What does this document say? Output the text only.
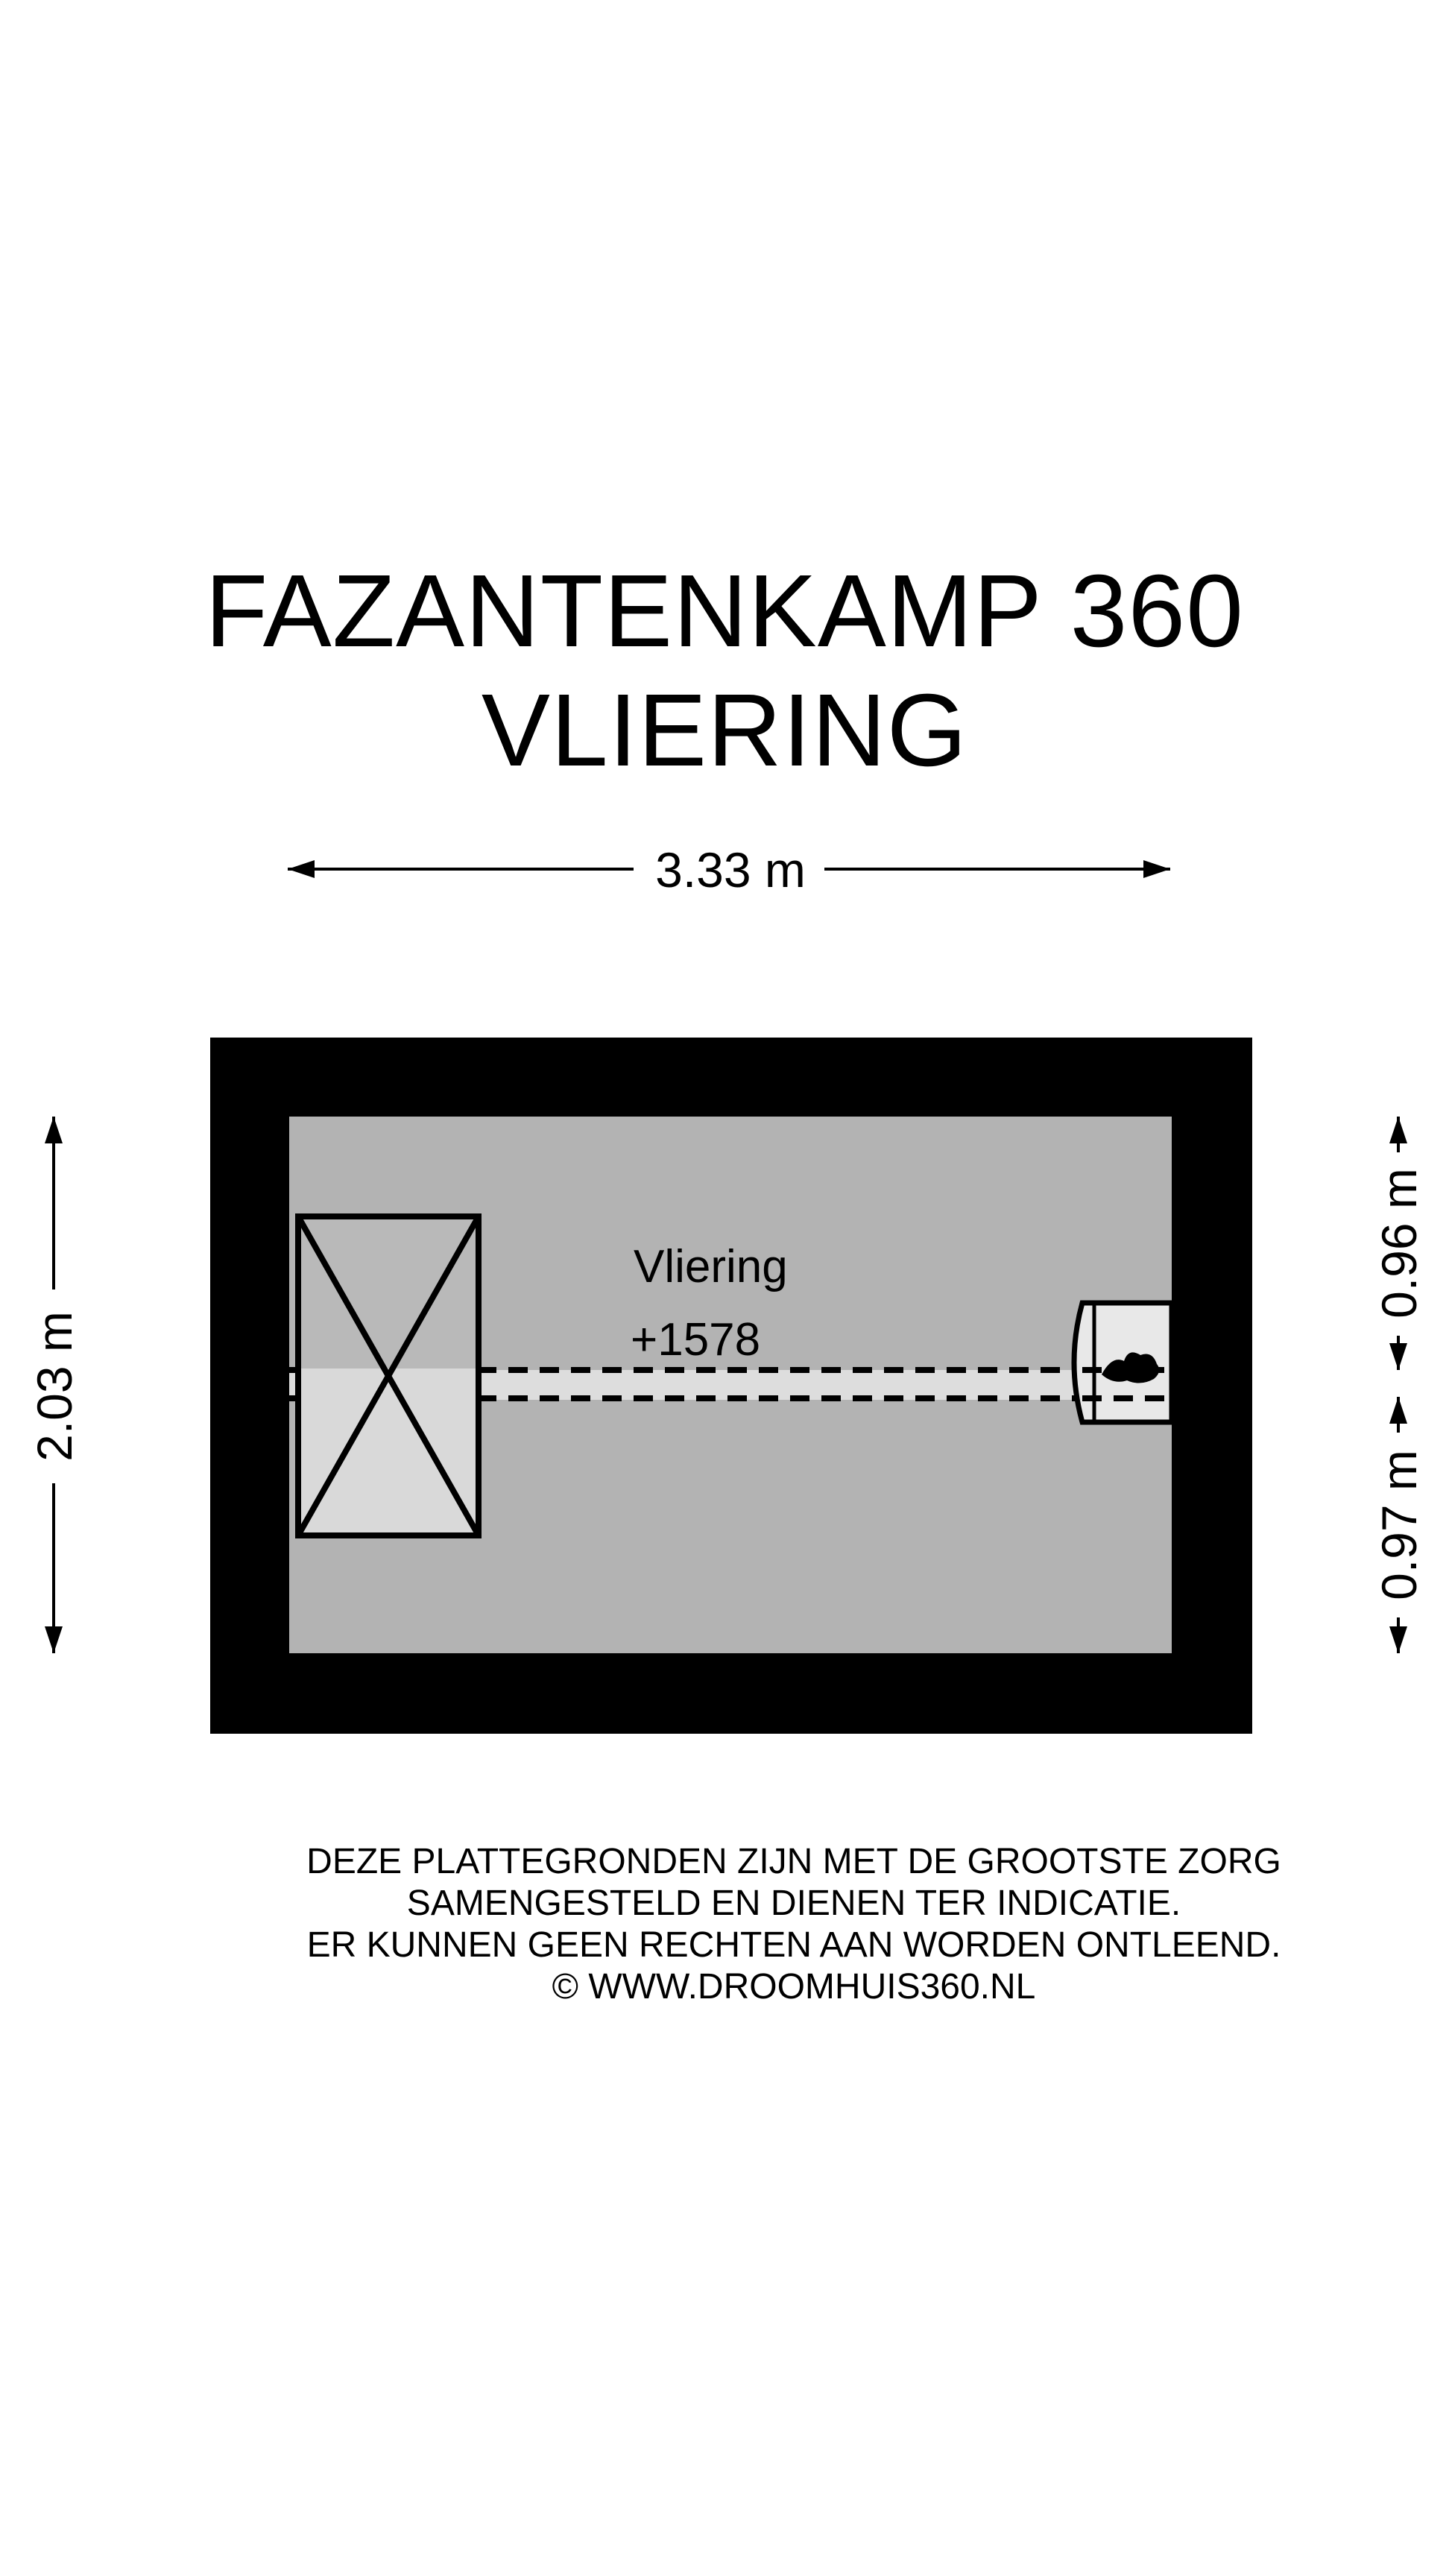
FAZANTENKAMP 360
VLIERING
3.33 m
2.03 m
0.96 m
0.97 m
Vliering
+1578
DEZE PLATTEGRONDEN ZIJN MET DE GROOTSTE ZORG
SAMENGESTELD EN DIENEN TER INDICATIE.
ER KUNNEN GEEN RECHTEN AAN WORDEN ONTLEEND.
© WWW.DROOMHUIS360.NL
